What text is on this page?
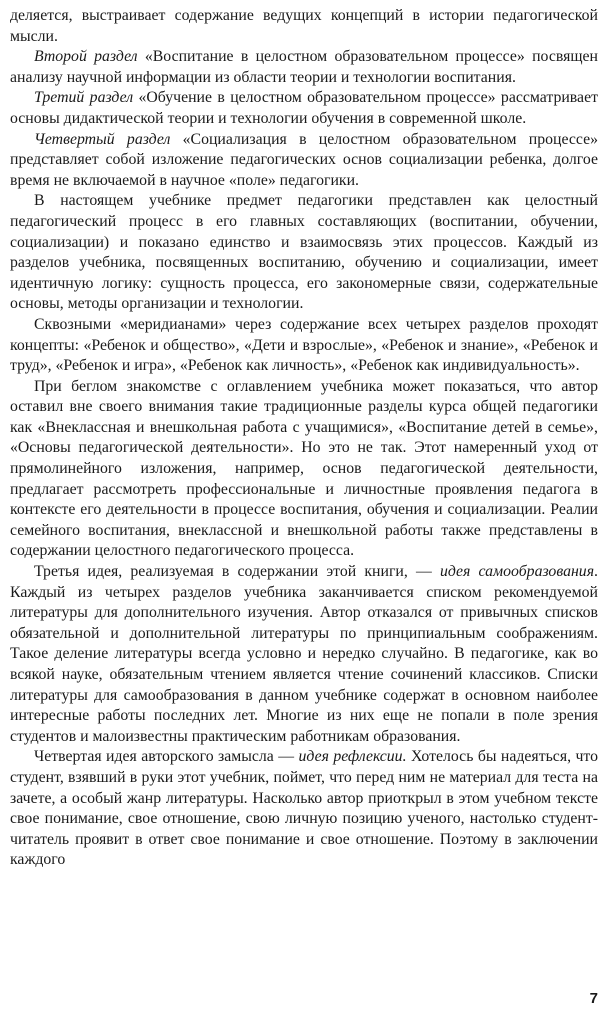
деляется, выстраивает содержание ведущих концепций в истории педагогической мысли.

Второй раздел «Воспитание в целостном образовательном процессе» посвящен анализу научной информации из области теории и технологии воспитания.

Третий раздел «Обучение в целостном образовательном процессе» рассматривает основы дидактической теории и технологии обучения в современной школе.

Четвертый раздел «Социализация в целостном образовательном процессе» представляет собой изложение педагогических основ социализации ребенка, долгое время не включаемой в научное «поле» педагогики.

В настоящем учебнике предмет педагогики представлен как целостный педагогический процесс в его главных составляющих (воспитании, обучении, социализации) и показано единство и взаимосвязь этих процессов. Каждый из разделов учебника, посвященных воспитанию, обучению и социализации, имеет идентичную логику: сущность процесса, его закономерные связи, содержательные основы, методы организации и технологии.

Сквозными «меридианами» через содержание всех четырех разделов проходят концепты: «Ребенок и общество», «Дети и взрослые», «Ребенок и знание», «Ребенок и труд», «Ребенок и игра», «Ребенок как личность», «Ребенок как индивидуальность».

При беглом знакомстве с оглавлением учебника может показаться, что автор оставил вне своего внимания такие традиционные разделы курса общей педагогики как «Внеклассная и внешкольная работа с учащимися», «Воспитание детей в семье», «Основы педагогической деятельности». Но это не так. Этот намеренный уход от прямолинейного изложения, например, основ педагогической деятельности, предлагает рассмотреть профессиональные и личностные проявления педагога в контексте его деятельности в процессе воспитания, обучения и социализации. Реалии семейного воспитания, внеклассной и внешкольной работы также представлены в содержании целостного педагогического процесса.

Третья идея, реализуемая в содержании этой книги, — идея самообразования. Каждый из четырех разделов учебника заканчивается списком рекомендуемой литературы для дополнительного изучения. Автор отказался от привычных списков обязательной и дополнительной литературы по принципиальным соображениям. Такое деление литературы всегда условно и нередко случайно. В педагогике, как во всякой науке, обязательным чтением является чтение сочинений классиков. Списки литературы для самообразования в данном учебнике содержат в основном наиболее интересные работы последних лет. Многие из них еще не попали в поле зрения студентов и малоизвестны практическим работникам образования.

Четвертая идея авторского замысла — идея рефлексии. Хотелось бы надеяться, что студент, взявший в руки этот учебник, поймет, что перед ним не материал для теста на зачете, а особый жанр литературы. Насколько автор приоткрыл в этом учебном тексте свое понимание, свое отношение, свою личную позицию ученого, настолько студент-читатель проявит в ответ свое понимание и свое отношение. Поэтому в заключении каждого

7
